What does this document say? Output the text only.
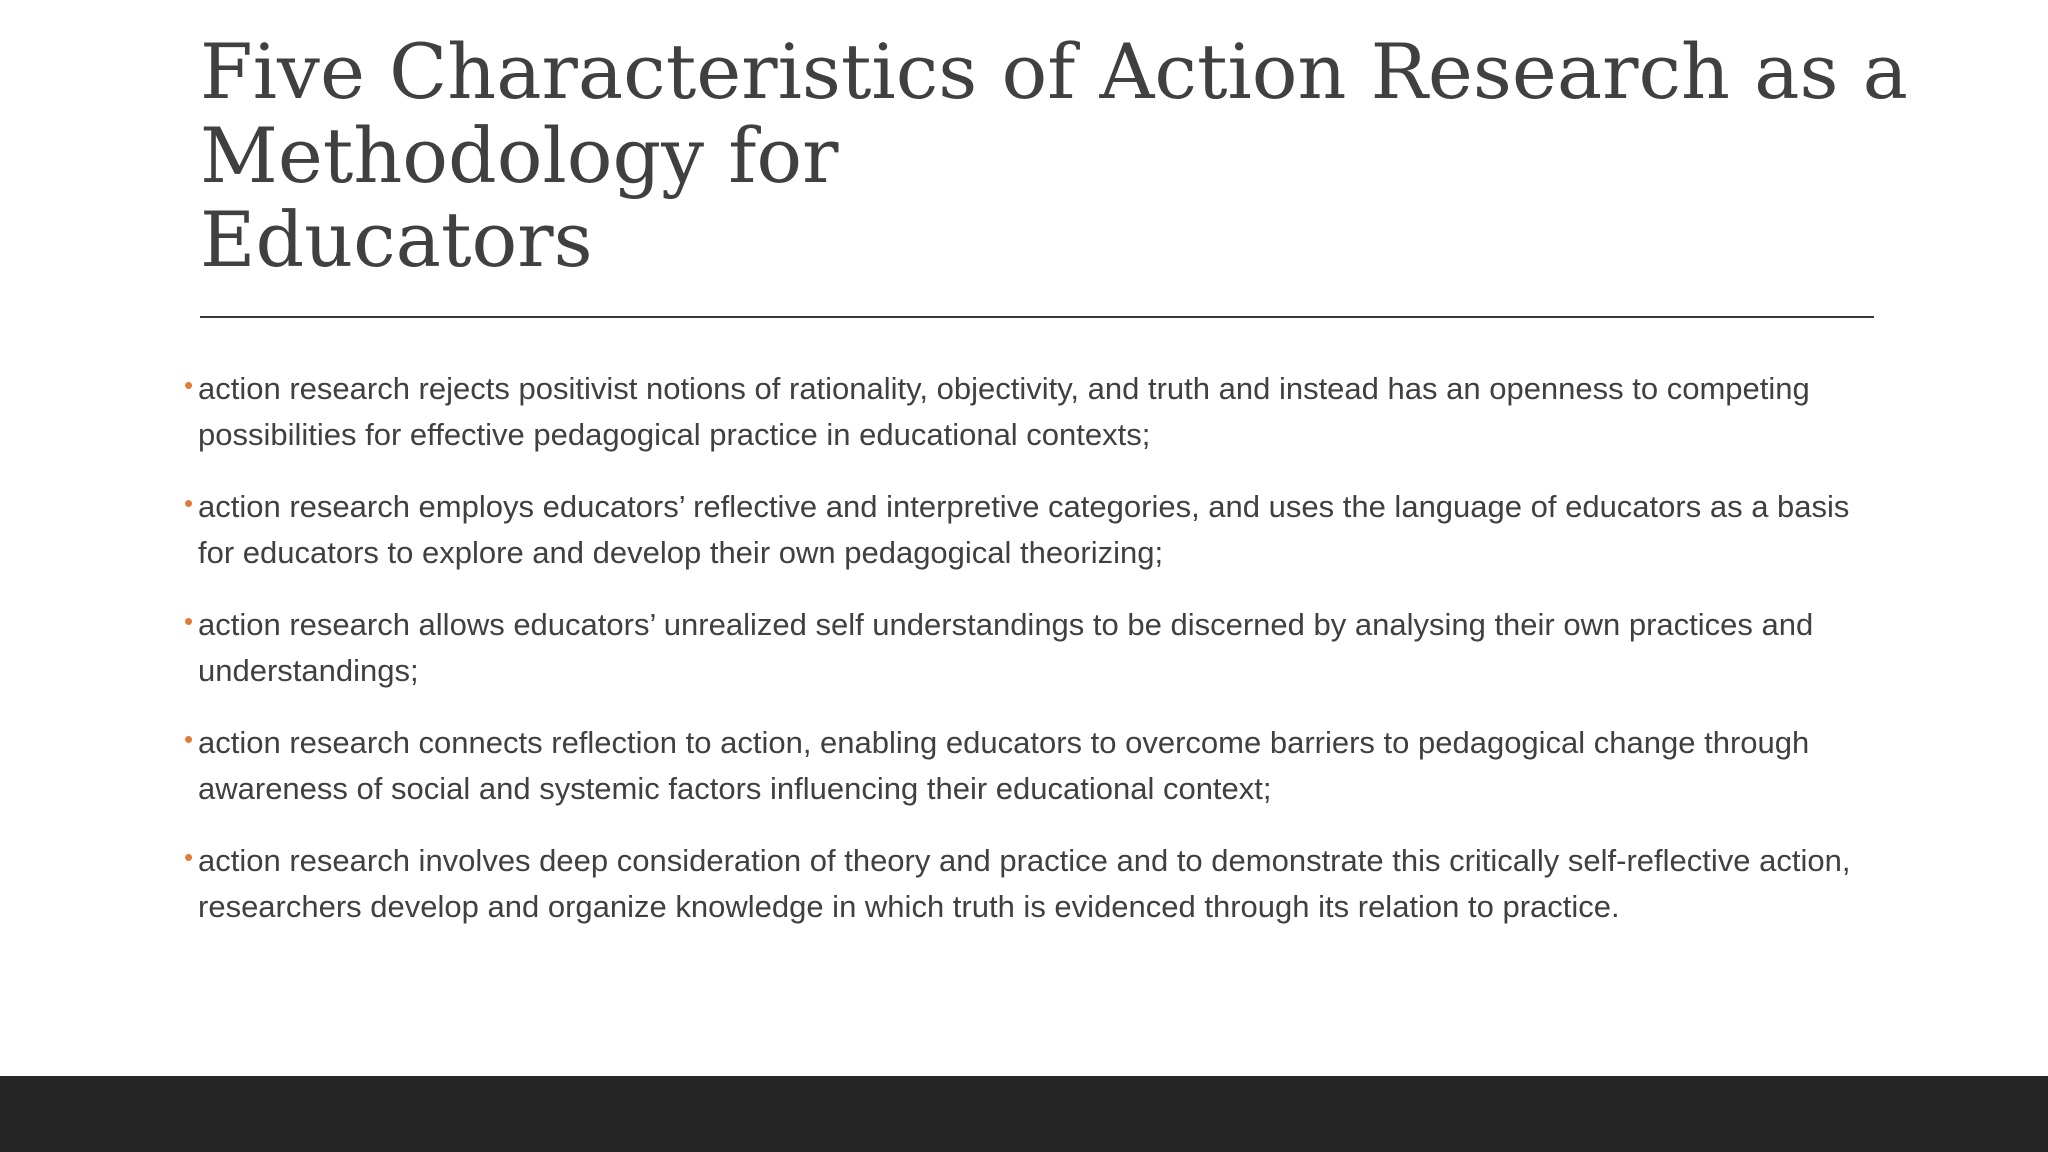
Five Characteristics of Action Research as a
Methodology for
Educators
• action research rejects positivist notions of rationality, objectivity, and truth and instead has an openness to competing possibilities for effective pedagogical practice in educational contexts;
• action research employs educators’ reflective and interpretive categories, and uses the language of educators as a basis for educators to explore and develop their own pedagogical theorizing;
• action research allows educators’ unrealized self understandings to be discerned by analysing their own practices and understandings;
• action research connects reflection to action, enabling educators to overcome barriers to pedagogical change through awareness of social and systemic factors influencing their educational context;
• action research involves deep consideration of theory and practice and to demonstrate this critically self-reflective action, researchers develop and organize knowledge in which truth is evidenced through its relation to practice.
